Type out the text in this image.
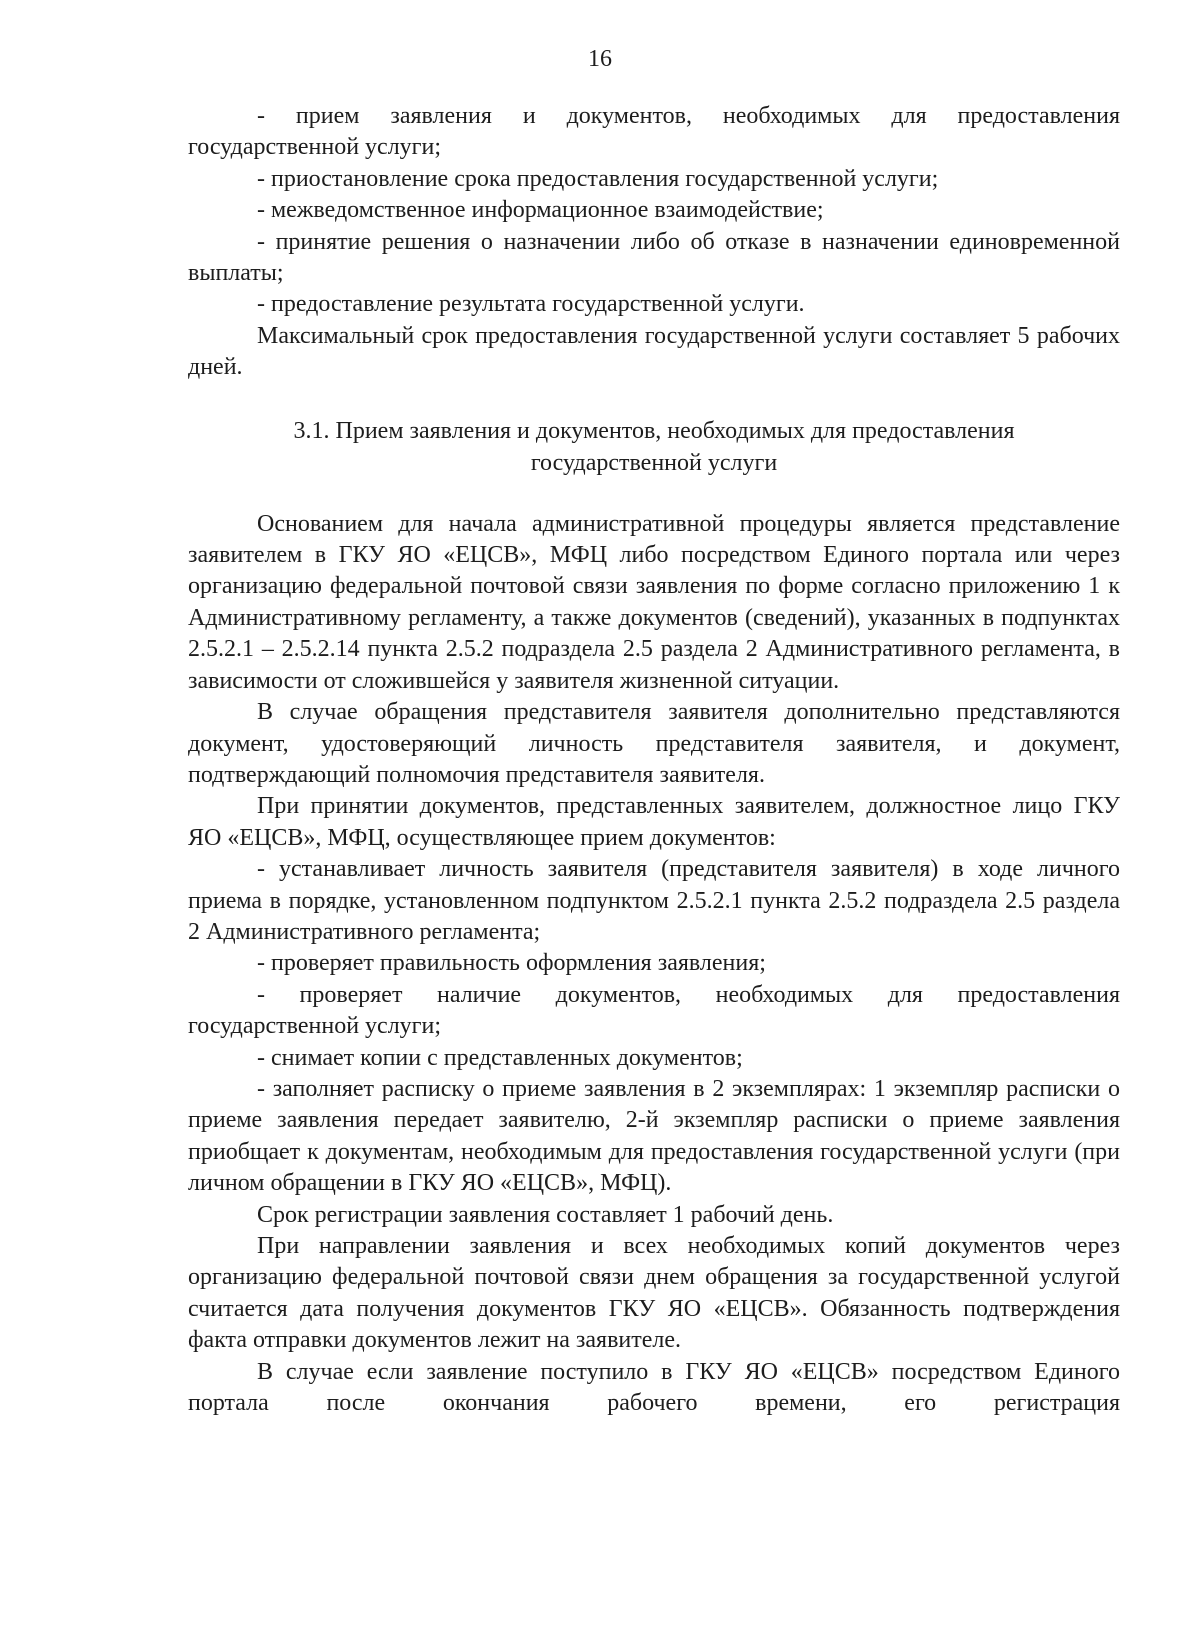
16

- прием заявления и документов, необходимых для предоставления государственной услуги;

- приостановление срока предоставления государственной услуги;

- межведомственное информационное взаимодействие;

- принятие решения о назначении либо об отказе в назначении единовременной выплаты;

- предоставление результата государственной услуги.

Максимальный срок предоставления государственной услуги составляет 5 рабочих дней.

3.1. Прием заявления и документов, необходимых для предоставления государственной услуги

Основанием для начала административной процедуры является представление заявителем в ГКУ ЯО «ЕЦСВ», МФЦ либо посредством Единого портала или через организацию федеральной почтовой связи заявления по форме согласно приложению 1 к Административному регламенту, а также документов (сведений), указанных в подпунктах 2.5.2.1 – 2.5.2.14 пункта 2.5.2 подраздела 2.5 раздела 2 Административного регламента, в зависимости от сложившейся у заявителя жизненной ситуации.

В случае обращения представителя заявителя дополнительно представляются документ, удостоверяющий личность представителя заявителя, и документ, подтверждающий полномочия представителя заявителя.

При принятии документов, представленных заявителем, должностное лицо ГКУ ЯО «ЕЦСВ», МФЦ, осуществляющее прием документов:

- устанавливает личность заявителя (представителя заявителя) в ходе личного приема в порядке, установленном подпунктом 2.5.2.1 пункта 2.5.2 подраздела 2.5 раздела 2 Административного регламента;

- проверяет правильность оформления заявления;

- проверяет наличие документов, необходимых для предоставления государственной услуги;

- снимает копии с представленных документов;

- заполняет расписку о приеме заявления в 2 экземплярах: 1 экземпляр расписки о приеме заявления передает заявителю, 2-й экземпляр расписки о приеме заявления приобщает к документам, необходимым для предоставления государственной услуги (при личном обращении в ГКУ ЯО «ЕЦСВ», МФЦ).

Срок регистрации заявления составляет 1 рабочий день.

При направлении заявления и всех необходимых копий документов через организацию федеральной почтовой связи днем обращения за государственной услугой считается дата получения документов ГКУ ЯО «ЕЦСВ». Обязанность подтверждения факта отправки документов лежит на заявителе.

В случае если заявление поступило в ГКУ ЯО «ЕЦСВ» посредством Единого портала после окончания рабочего времени, его регистрация
